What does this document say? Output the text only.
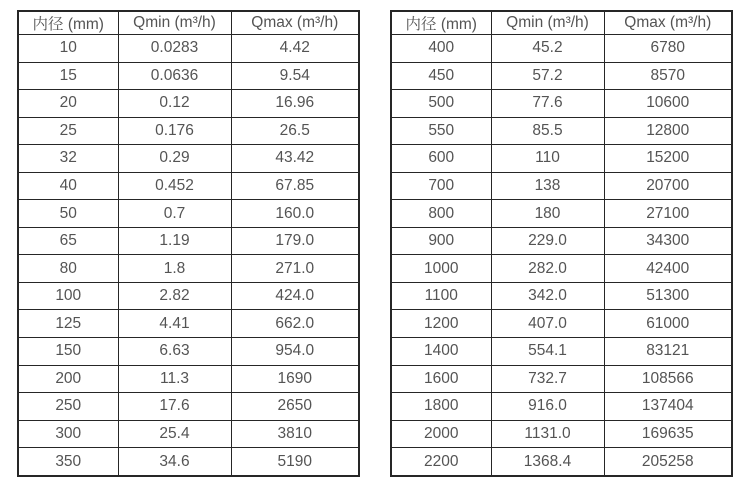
内径 (mm)	Qmin (m³/h)	Qmax (m³/h)
10	0.0283	4.42
15	0.0636	9.54
20	0.12	16.96
25	0.176	26.5
32	0.29	43.42
40	0.452	67.85
50	0.7	160.0
65	1.19	179.0
80	1.8	271.0
100	2.82	424.0
125	4.41	662.0
150	6.63	954.0
200	11.3	1690
250	17.6	2650
300	25.4	3810
350	34.6	5190
内径 (mm)	Qmin (m³/h)	Qmax (m³/h)
400	45.2	6780
450	57.2	8570
500	77.6	10600
550	85.5	12800
600	110	15200
700	138	20700
800	180	27100
900	229.0	34300
1000	282.0	42400
1100	342.0	51300
1200	407.0	61000
1400	554.1	83121
1600	732.7	108566
1800	916.0	137404
2000	1131.0	169635
2200	1368.4	205258
